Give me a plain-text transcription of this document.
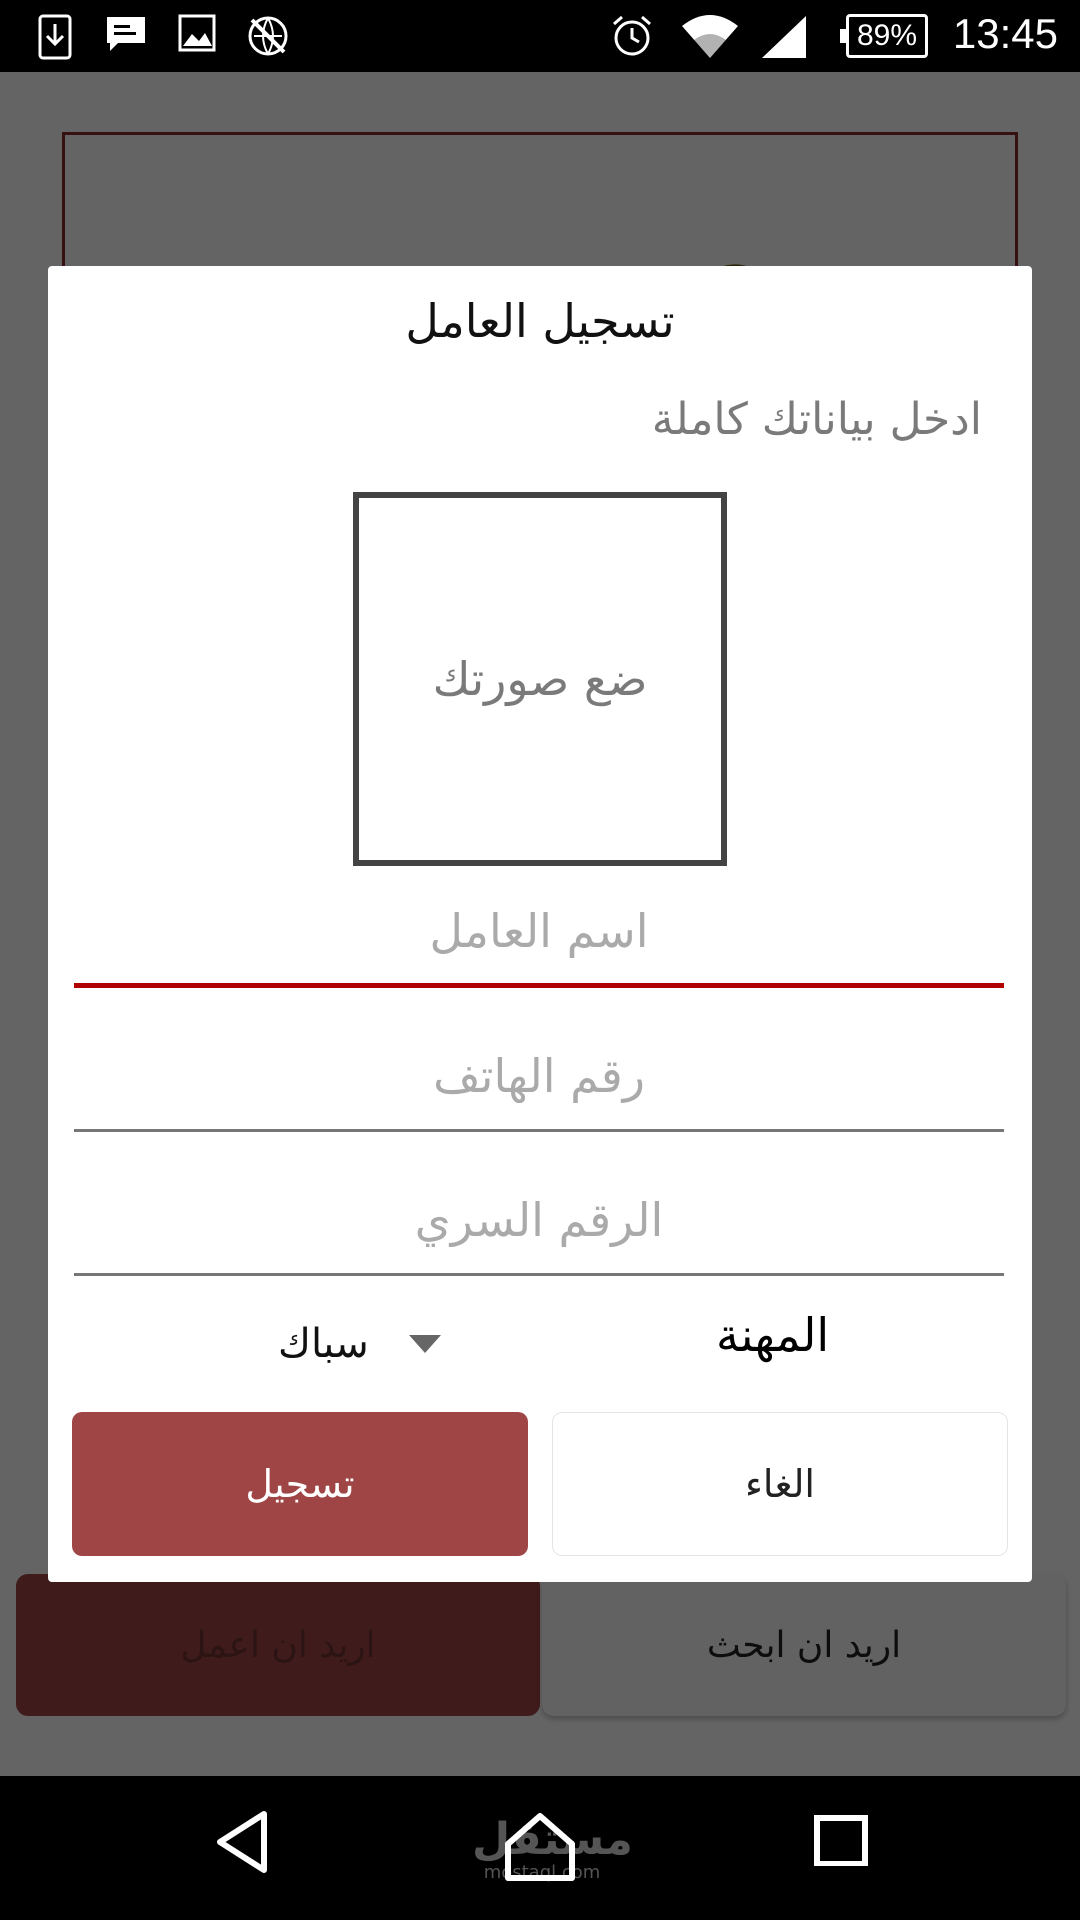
تسجيل العامل
ادخل بياناتك كاملة
ضع صورتك
اسم العامل
رقم الهاتف
المهنة
سباك
تسجيل	الغاء
89% 13:45
مستقل
mostaql.com
